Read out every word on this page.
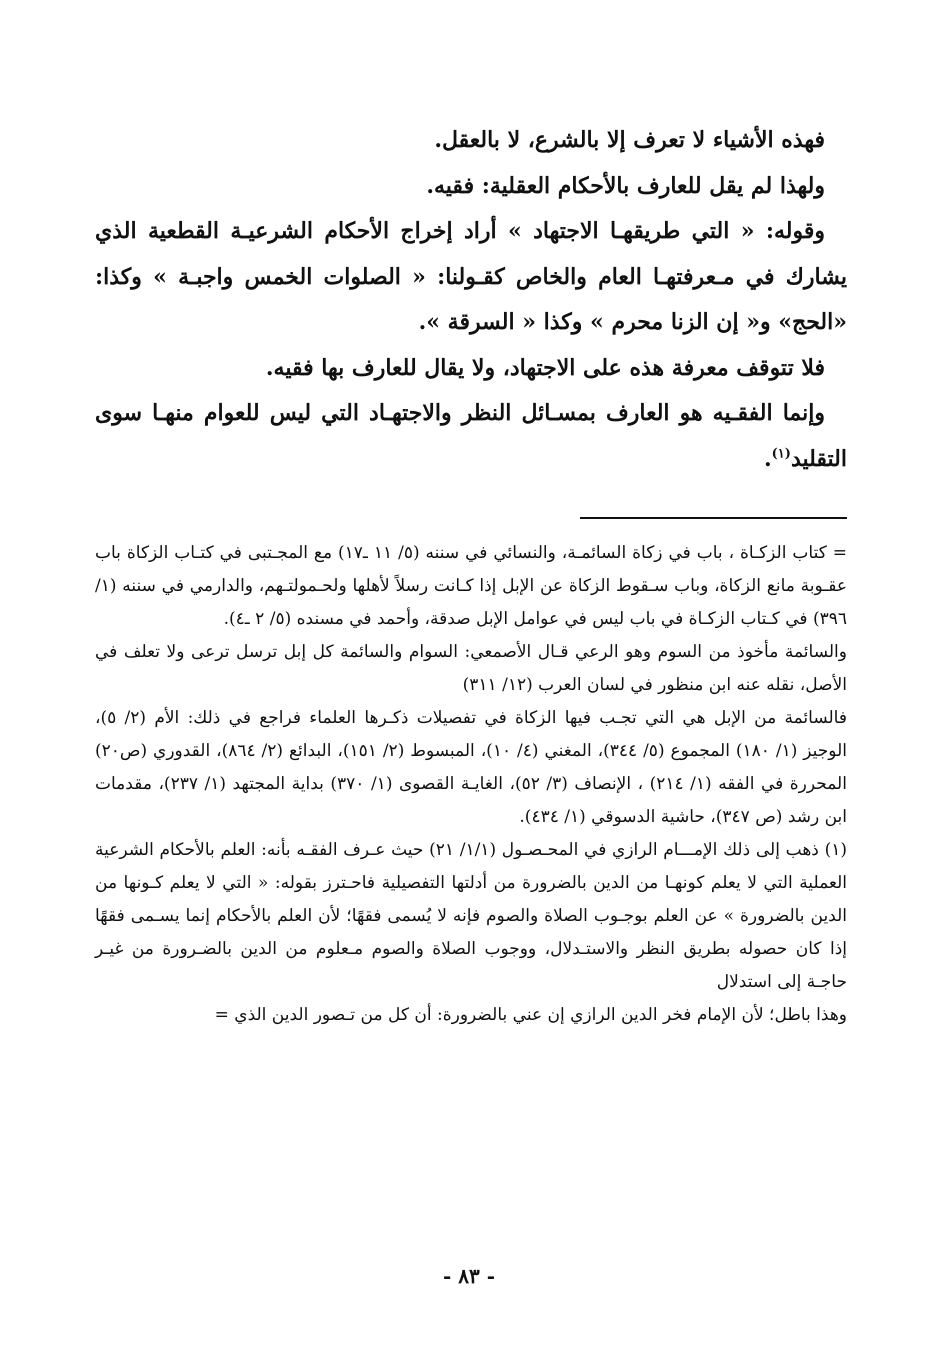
فهذه الأشياء لا تعرف إلا بالشرع، لا بالعقل.

ولهذا لم يقل للعارف بالأحكام العقلية: فقيه.

وقوله: « التي طريقهـا الاجتهاد » أراد إخراج الأحكام الشرعيـة القطعية الذي يشارك في مـعرفتهـا العام والخاص كقـولنا: « الصلوات الخمس واجبـة » وكذا: «الحج» و« إن الزنا محرم » وكذا « السرقة ».

فلا تتوقف معرفة هذه على الاجتهاد، ولا يقال للعارف بها فقيه.

وإنما الفقـيه هو العارف بمسـائل النظر والاجتهـاد التي ليس للعوام منهـا سوى التقليد$^{(١)}$.

= كتاب الزكـاة ، باب في زكاة السائمـة، والنسائي في سننه (٥/ ١١ ـ١٧) مع المجـتبى في كتـاب الزكاة باب عقـوبة مانع الزكاة، وباب سـقوط الزكاة عن الإبل إذا كـانت رسلاً لأهلها ولحـمولتـهم، والدارمي في سننه (١/ ٣٩٦) في كـتاب الزكـاة في باب ليس في عوامل الإبل صدقة، وأحمد في مسنده (٥/ ٢ ـ٤).

والسائمة مأخوذ من السوم وهو الرعي قـال الأصمعي: السوام والسائمة كل إبل ترسل ترعى ولا تعلف في الأصل، نقله عنه ابن منظور في لسان العرب (١٢/ ٣١١)

فالسائمة من الإبل هي التي تجـب فيها الزكاة في تفصيلات ذكـرها العلماء فراجع في ذلك: الأم (٢/ ٥)، الوجيز (١/ ١٨٠) المجموع (٥/ ٣٤٤)، المغني (٤/ ١٠)، المبسوط (٢/ ١٥١)، البدائع (٢/ ٨٦٤)، القدوري (ص٢٠) المحررة في الفقه (١/ ٢١٤) ، الإنصاف (٣/ ٥٢)، الغايـة القصوى (١/ ٣٧٠) بداية المجتهد (١/ ٢٣٧)، مقدمات ابن رشد (ص ٣٤٧)، حاشية الدسوقي (١/ ٤٣٤).

(١) ذهب إلى ذلك الإمـــام الرازي في المحـصـول (١/١/ ٢١) حيث عـرف الفقـه بأنه: العلم بالأحكام الشرعية العملية التي لا يعلم كونهـا من الدين بالضرورة من أدلتها التفصيلية فاحـترز بقوله: « التي لا يعلم كـونها من الدين بالضرورة » عن العلم بوجـوب الصلاة والصوم فإنه لا يُسمى فقهًا؛ لأن العلم بالأحكام إنما يسـمى فقهًا إذا كان حصوله بطريق النظر والاستـدلال، ووجوب الصلاة والصوم مـعلوم من الدين بالضـرورة من غيـر حاجـة إلى استدلال

وهذا باطل؛ لأن الإمام فخر الدين الرازي إن عني بالضرورة: أن كل من تـصور الدين الذي =

- ٨٣ -
